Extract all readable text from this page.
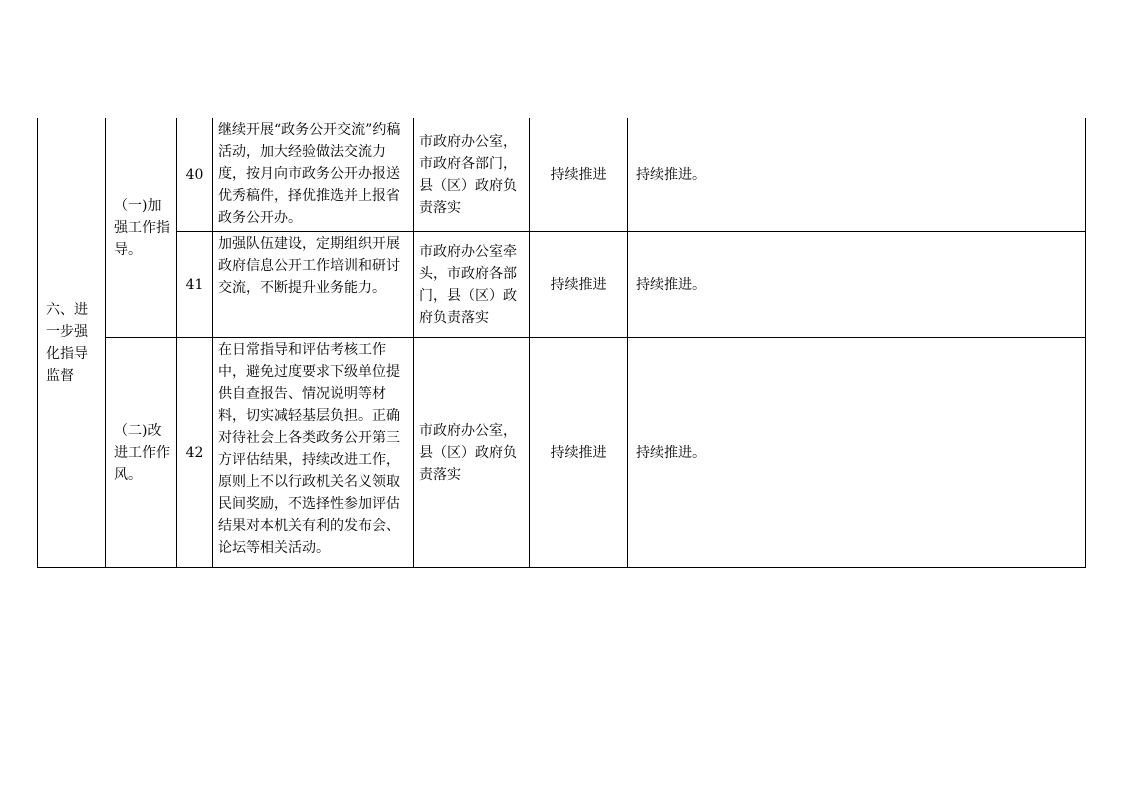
六、进一步强化指导监督	（一)加强工作指导。	40	继续开展“政务公开交流”约稿活动，加大经验做法交流力度，按月向市政务公开办报送优秀稿件，择优推选并上报省政务公开办。	市政府办公室，市政府各部门，县（区）政府负责落实	持续推进	持续推进。
		41	加强队伍建设，定期组织开展政府信息公开工作培训和研讨交流，不断提升业务能力。	市政府办公室牵头，市政府各部门，县（区）政府负责落实	持续推进	持续推进。
	（二)改进工作作风。	42	在日常指导和评估考核工作中，避免过度要求下级单位提供自查报告、情况说明等材料，切实减轻基层负担。正确对待社会上各类政务公开第三方评估结果，持续改进工作，原则上不以行政机关名义领取民间奖励，不选择性参加评估结果对本机关有利的发布会、论坛等相关活动。	市政府办公室，县（区）政府负责落实	持续推进	持续推进。
